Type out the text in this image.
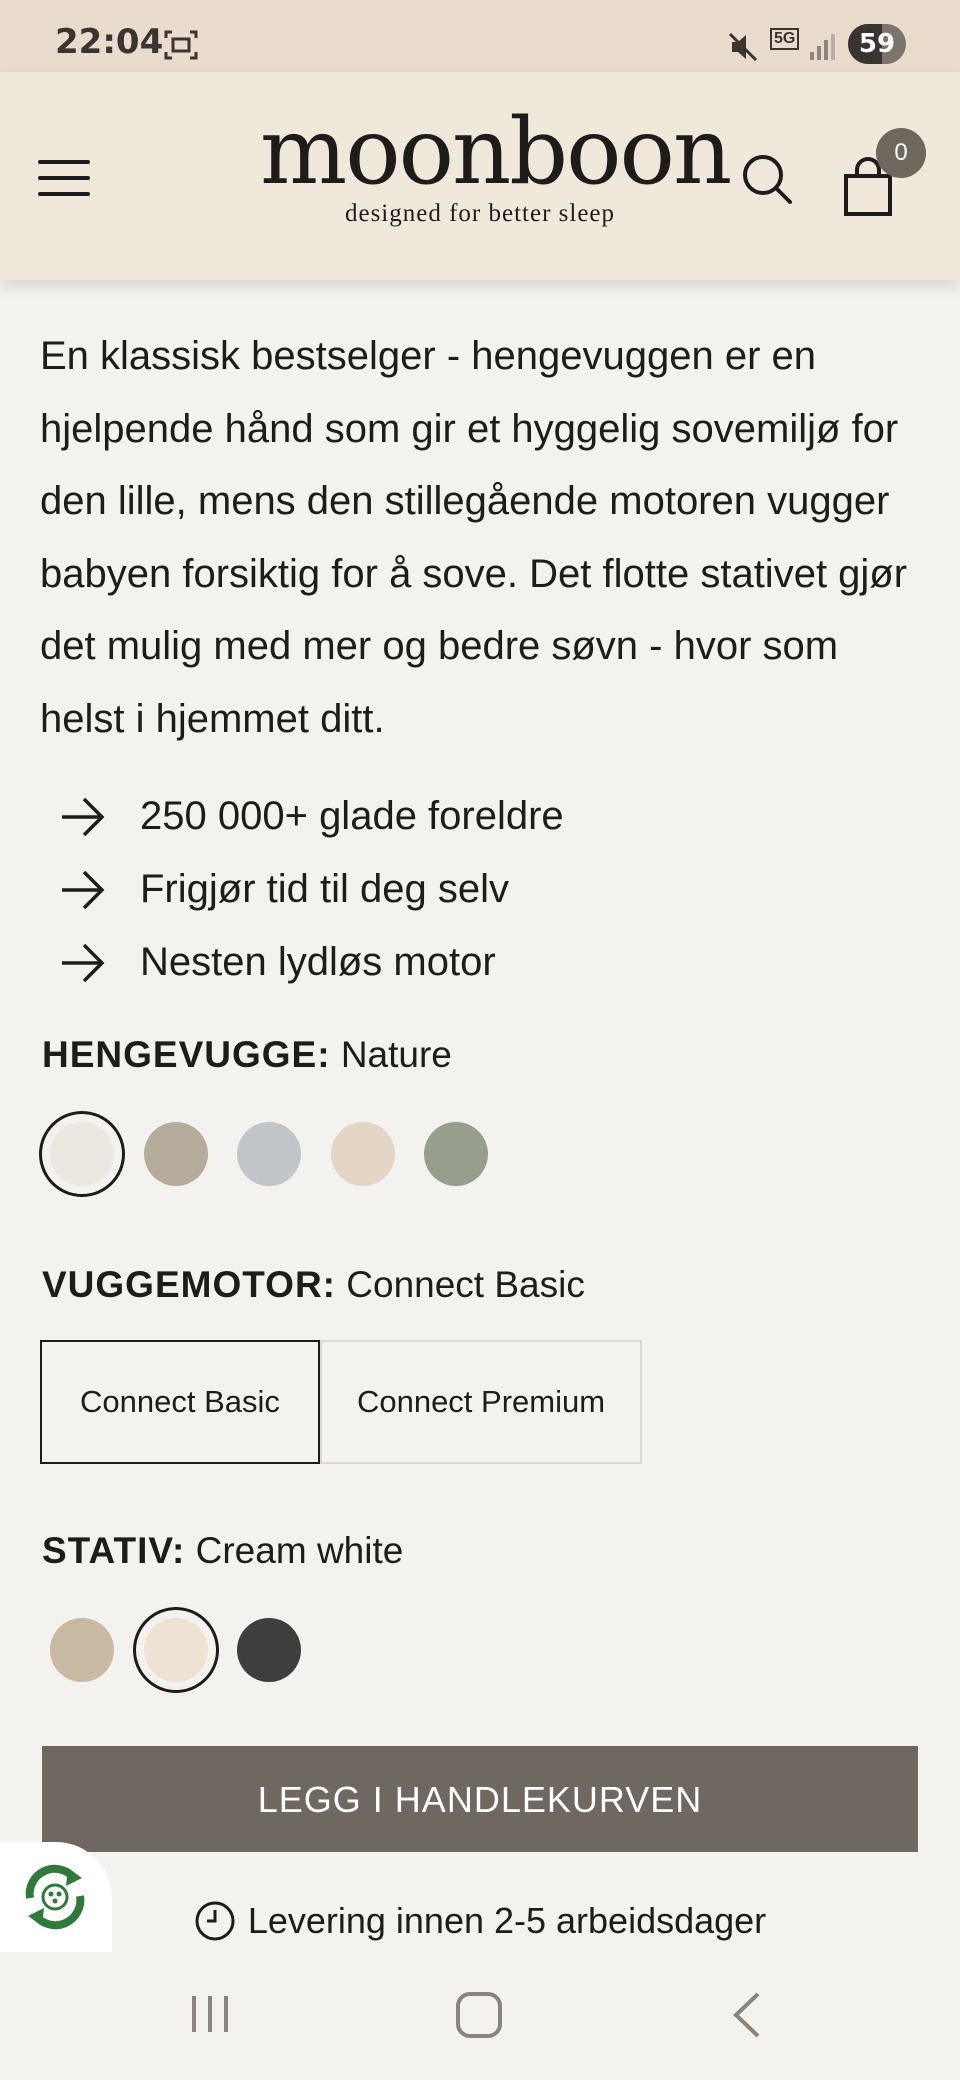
22:04	5G	59
moonboon
designed for better sleep
0
En klassisk bestselger - hengevuggen er en hjelpende hånd som gir et hyggelig sovemiljø for den lille, mens den stillegående motoren vugger babyen forsiktig for å sove. Det flotte stativet gjør det mulig med mer og bedre søvn - hvor som helst i hjemmet ditt.
250 000+ glade foreldre
Frigjør tid til deg selv
Nesten lydløs motor
HENGEVUGGE: Nature
VUGGEMOTOR: Connect Basic
Connect Basic	Connect Premium
STATIV: Cream white
LEGG I HANDLEKURVEN
Levering innen 2-5 arbeidsdager
